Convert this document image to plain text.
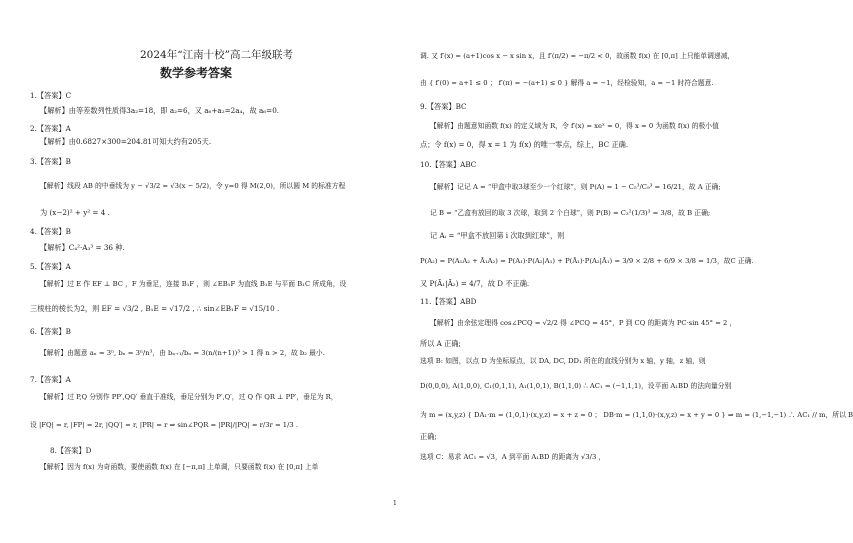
2024年“江南十校”高二年级联考
数学参考答案
1.【答案】C
【解析】由等差数列性质得3a₂=18，即 a₂=6，又 a₆+a₂=2a₄，故 a₆=0.
2.【答案】A
【解析】由0.6827×300=204.81可知大约有205天.
3.【答案】B
【解析】线段 AB 的中垂线为 y − √3/2 = √3(x − 5/2)，令 y=0 得 M(2,0)，所以圆 M 的标准方程
为 (x−2)² + y² = 4 .
4.【答案】B
【解析】C₄²·A₃³ = 36 种.
5.【答案】A
【解析】过 E 作 EF ⊥ BC ，F 为垂足，连接 B₁F ，则 ∠EB₁F 为直线 B₁E 与平面 B₁C 所成角，设
三棱柱的棱长为2，则 EF = √3/2 , B₁E = √17/2 , ∴ sin∠EB₁F = √15/10 .
6.【答案】B
【解析】由题意 aₙ = 3ⁿ, bₙ = 3ⁿ/n³，由 bₙ₊₁/bₙ = 3(n/(n+1))³ > 1 得 n > 2，故 b₂ 最小.
7.【答案】A
【解析】过 P,Q 分别作 PP′,QQ′ 垂直于准线，垂足分别为 P′,Q′，过 Q 作 QR ⊥ PP′，垂足为 R，
设 |FQ| = r, |FP| = 2r, |QQ′| = r, |PR| = r ⇒ sin∠PQR = |PR|/|PQ| = r/3r = 1/3 .
8.【答案】D
【解析】因为 f(x) 为奇函数，要使函数 f(x) 在 [−π,π] 上单调，只要函数 f(x) 在 [0,π] 上单
调. 又 f′(x) = (a+1)cos x − x sin x，且 f′(π/2) = −π/2 < 0，故函数 f(x) 在 [0,π] 上只能单调递减，
由 { f′(0) = a+1 ≤ 0 ； f′(π) = −(a+1) ≤ 0 } 解得 a = −1，经检验知，a = −1 时符合题意.
9.【答案】BC
【解析】由题意知函数 f(x) 的定义域为 R，令 f′(x) = xeˣ = 0，得 x = 0 为函数 f(x) 的极小值
点；令 f(x) = 0，得 x = 1 为 f(x) 的唯一零点，综上，BC 正确.
10.【答案】ABC
【解析】记记 A = “甲盒中取3球至少一个红球”，则 P(A) = 1 − C₅³/C₉³ = 16/21，故 A 正确;
记 B = “乙盒有放回的取 3 次球，取到 2 个白球”，则 P(B) = C₃²(1/3)³ = 3/8，故 B 正确;
记 Aᵢ = “甲盒不放回第 i 次取到红球”，则
P(A₂) = P(A₁A₂ + Ā₁A₂) = P(A₁)·P(A₂|A₁) + P(Ā₁)·P(A₂|Ā₁) = 3/9 × 2/8 + 6/9 × 3/8 = 1/3，故C 正确.
又 P(Ā₁|Ā₂) = 4/7，故 D 不正确.
11.【答案】ABD
【解析】由余弦定理得 cos∠PCQ = √2/2 得 ∠PCQ = 45°，P 到 CQ 的距离为 PC·sin 45° = 2 ，
所以 A 正确;
选项 B: 如图，以点 D 为坐标原点，以 DA, DC, DD₁ 所在的直线分别为 x 轴，y 轴，z 轴，则
D(0,0,0), A(1,0,0), C₁(0,1,1), A₁(1,0,1), B(1,1,0) ∴ AC₁ = (−1,1,1)，设平面 A₁BD 的法向量分别
为 m = (x,y,z) { DA₁·m = (1,0,1)·(x,y,z) = x + z = 0 ； DB·m = (1,1,0)·(x,y,z) = x + y = 0 } ⇒ m = (1,−1,−1) ∴ AC₁ // m，所以 B
正确;
选项 C：易求 AC₁ = √3，A 到平面 A₁BD 的距离为 √3/3 ，
1
